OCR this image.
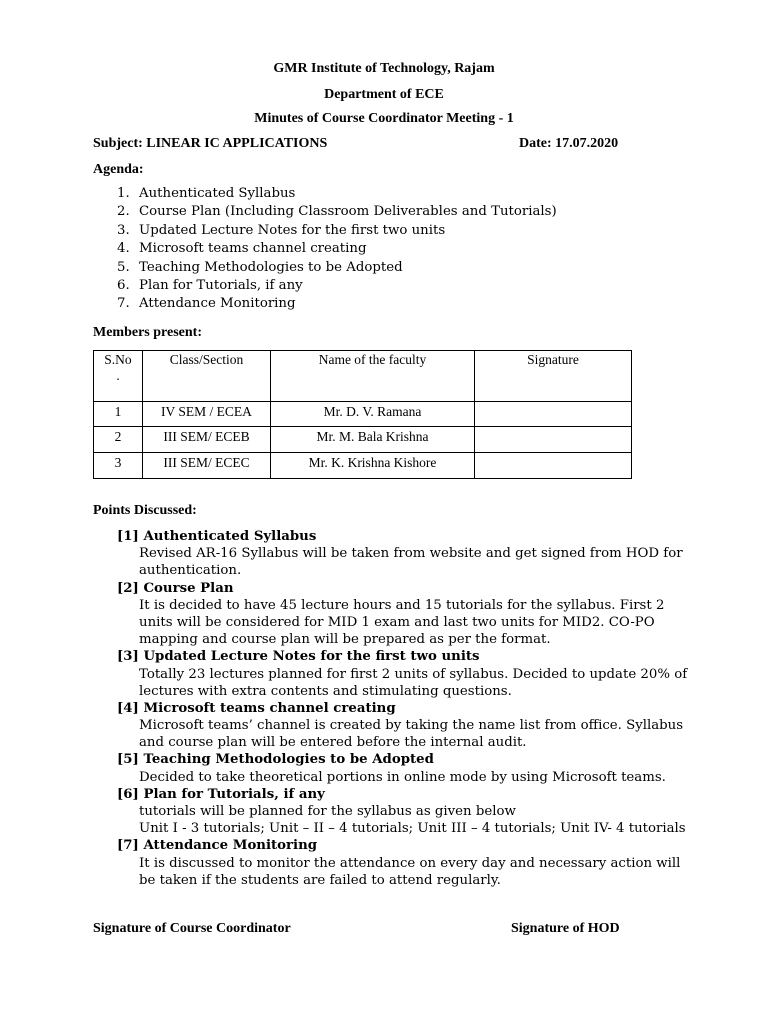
GMR Institute of Technology, Rajam
Department of ECE
Minutes of Course Coordinator Meeting - 1
Subject: LINEAR IC APPLICATIONS	Date: 17.07.2020
Agenda:
1. Authenticated Syllabus
2. Course Plan (Including Classroom Deliverables and Tutorials)
3. Updated Lecture Notes for the first two units
4. Microsoft teams channel creating
5. Teaching Methodologies to be Adopted
6. Plan for Tutorials, if any
7. Attendance Monitoring
Members present:
S.No
.	Class/Section	Name of the faculty	Signature
1	IV SEM / ECEA	Mr. D. V. Ramana	
2	III SEM/ ECEB	Mr. M. Bala Krishna	
3	III SEM/ ECEC	Mr. K. Krishna Kishore	
Points Discussed:
[1] Authenticated Syllabus
Revised AR-16 Syllabus will be taken from website and get signed from HOD for
authentication.
[2] Course Plan
It is decided to have 45 lecture hours and 15 tutorials for the syllabus. First 2
units will be considered for MID 1 exam and last two units for MID2. CO-PO
mapping and course plan will be prepared as per the format.
[3] Updated Lecture Notes for the first two units
Totally 23 lectures planned for first 2 units of syllabus. Decided to update 20% of
lectures with extra contents and stimulating questions.
[4] Microsoft teams channel creating
Microsoft teams’ channel is created by taking the name list from office. Syllabus
and course plan will be entered before the internal audit.
[5] Teaching Methodologies to be Adopted
Decided to take theoretical portions in online mode by using Microsoft teams.
[6] Plan for Tutorials, if any
tutorials will be planned for the syllabus as given below
Unit I - 3 tutorials; Unit – II – 4 tutorials; Unit III – 4 tutorials; Unit IV- 4 tutorials
[7] Attendance Monitoring
It is discussed to monitor the attendance on every day and necessary action will
be taken if the students are failed to attend regularly.
Signature of Course Coordinator	Signature of HOD
